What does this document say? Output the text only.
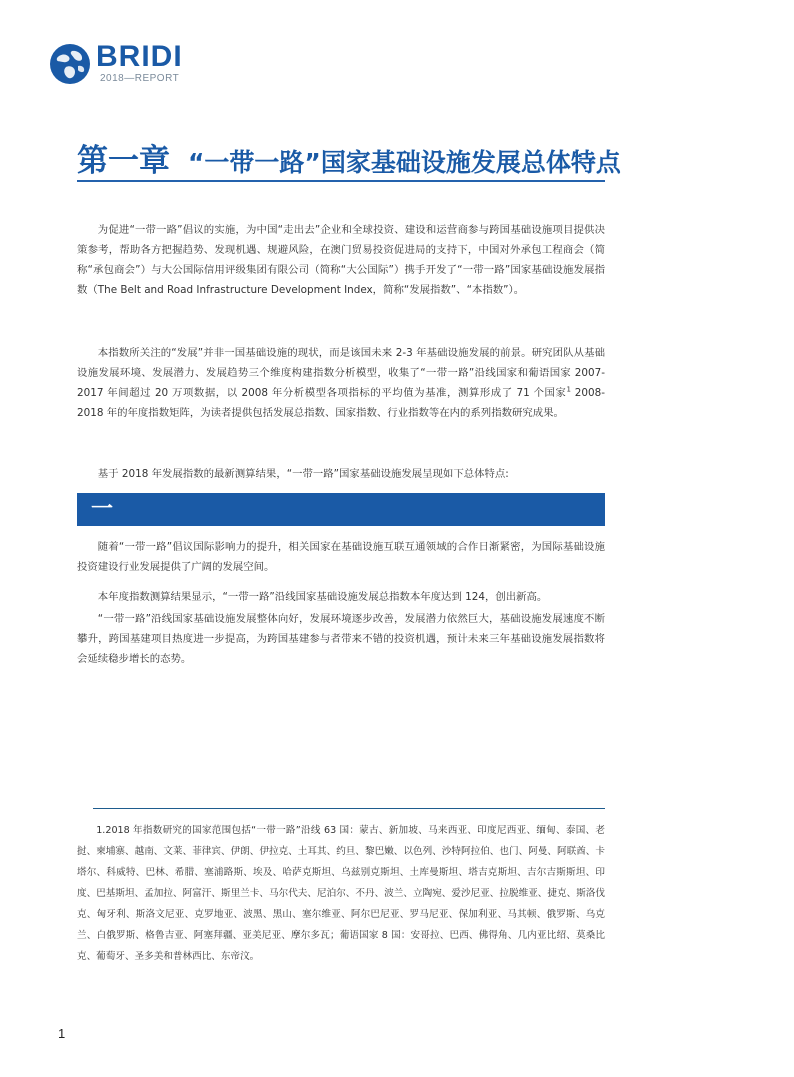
BRIDI
2018—REPORT
第一章 “一带一路”国家基础设施发展总体特点

为促进“一带一路”倡议的实施，为中国“走出去”企业和全球投资、建设和运营商参与跨国基础设施项目提供决策参考，帮助各方把握趋势、发现机遇、规避风险，在澳门贸易投资促进局的支持下，中国对外承包工程商会（简称“承包商会”）与大公国际信用评级集团有限公司（简称“大公国际”）携手开发了“一带一路”国家基础设施发展指数（The Belt and Road Infrastructure Development Index，简称“发展指数”、“本指数”）。

本指数所关注的“发展”并非一国基础设施的现状，而是该国未来 2-3 年基础设施发展的前景。研究团队从基础设施发展环境、发展潜力、发展趋势三个维度构建指数分析模型，收集了“一带一路”沿线国家和葡语国家 2007-2017 年间超过 20 万项数据，以 2008 年分析模型各项指标的平均值为基准，测算形成了 71 个国家$^1$ 2008-2018 年的年度指数矩阵，为读者提供包括发展总指数、国家指数、行业指数等在内的系列指数研究成果。

基于 2018 年发展指数的最新测算结果，“一带一路”国家基础设施发展呈现如下总体特点:

一

随着“一带一路”倡议国际影响力的提升，相关国家在基础设施互联互通领域的合作日渐紧密，为国际基础设施投资建设行业发展提供了广阔的发展空间。

本年度指数测算结果显示，“一带一路”沿线国家基础设施发展总指数本年度达到 124，创出新高。

“一带一路”沿线国家基础设施发展整体向好，发展环境逐步改善，发展潜力依然巨大，基础设施发展速度不断攀升，跨国基建项目热度进一步提高，为跨国基建参与者带来不错的投资机遇，预计未来三年基础设施发展指数将会延续稳步增长的态势。

1.2018 年指数研究的国家范围包括“一带一路”沿线 63 国：蒙古、新加坡、马来西亚、印度尼西亚、缅甸、泰国、老挝、柬埔寨、越南、文莱、菲律宾、伊朗、伊拉克、土耳其、约旦、黎巴嫩、以色列、沙特阿拉伯、也门、阿曼、阿联酋、卡塔尔、科威特、巴林、希腊、塞浦路斯、埃及、哈萨克斯坦、乌兹别克斯坦、土库曼斯坦、塔吉克斯坦、吉尔吉斯斯坦、印度、巴基斯坦、孟加拉、阿富汗、斯里兰卡、马尔代夫、尼泊尔、不丹、波兰、立陶宛、爱沙尼亚、拉脱维亚、捷克、斯洛伐克、匈牙利、斯洛文尼亚、克罗地亚、波黑、黑山、塞尔维亚、阿尔巴尼亚、罗马尼亚、保加利亚、马其顿、俄罗斯、乌克兰、白俄罗斯、格鲁吉亚、阿塞拜疆、亚美尼亚、摩尔多瓦；葡语国家 8 国：安哥拉、巴西、佛得角、几内亚比绍、莫桑比克、葡萄牙、圣多美和普林西比、东帝汶。

1
